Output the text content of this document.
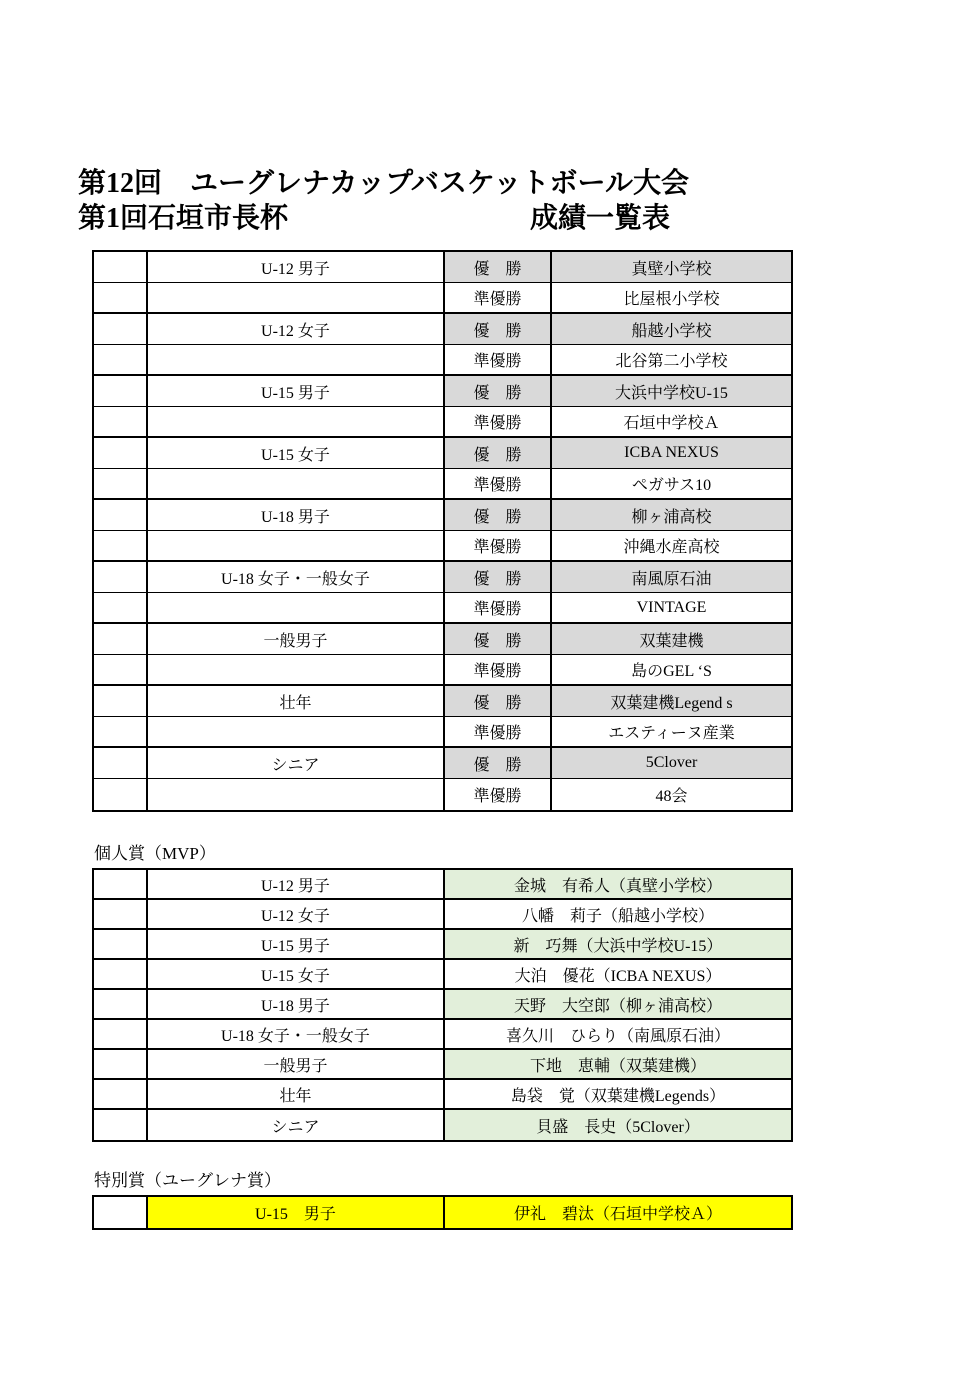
第12回　ユーグレナカップバスケットボール大会
第1回石垣市長杯	成績一覧表
U-12 男子	優　勝	真壁小学校
準優勝	比屋根小学校
U-12 女子	優　勝	船越小学校
準優勝	北谷第二小学校
U-15 男子	優　勝	大浜中学校U-15
準優勝	石垣中学校Ａ
U-15 女子	優　勝	ICBA NEXUS
準優勝	ペガサス10
U-18 男子	優　勝	柳ヶ浦高校
準優勝	沖縄水産高校
U-18 女子・一般女子	優　勝	南風原石油
準優勝	VINTAGE
一般男子	優　勝	双葉建機
準優勝	島のGEL ‘S
壮年	優　勝	双葉建機Legend s
準優勝	エスティーヌ産業
シニア	優　勝	5Clover
準優勝	48会
個人賞（MVP）
U-12 男子	金城　有希人（真壁小学校）
U-12 女子	八幡　莉子（船越小学校）
U-15 男子	新　巧舞（大浜中学校U-15）
U-15 女子	大泊　優花（ICBA NEXUS）
U-18 男子	天野　大空郎（柳ヶ浦高校）
U-18 女子・一般女子	喜久川　ひらり（南風原石油）
一般男子	下地　恵輔（双葉建機）
壮年	島袋　覚（双葉建機Legends）
シニア	貝盛　長史（5Clover）
特別賞（ユーグレナ賞）
U-15　男子	伊礼　碧汰（石垣中学校Ａ）
